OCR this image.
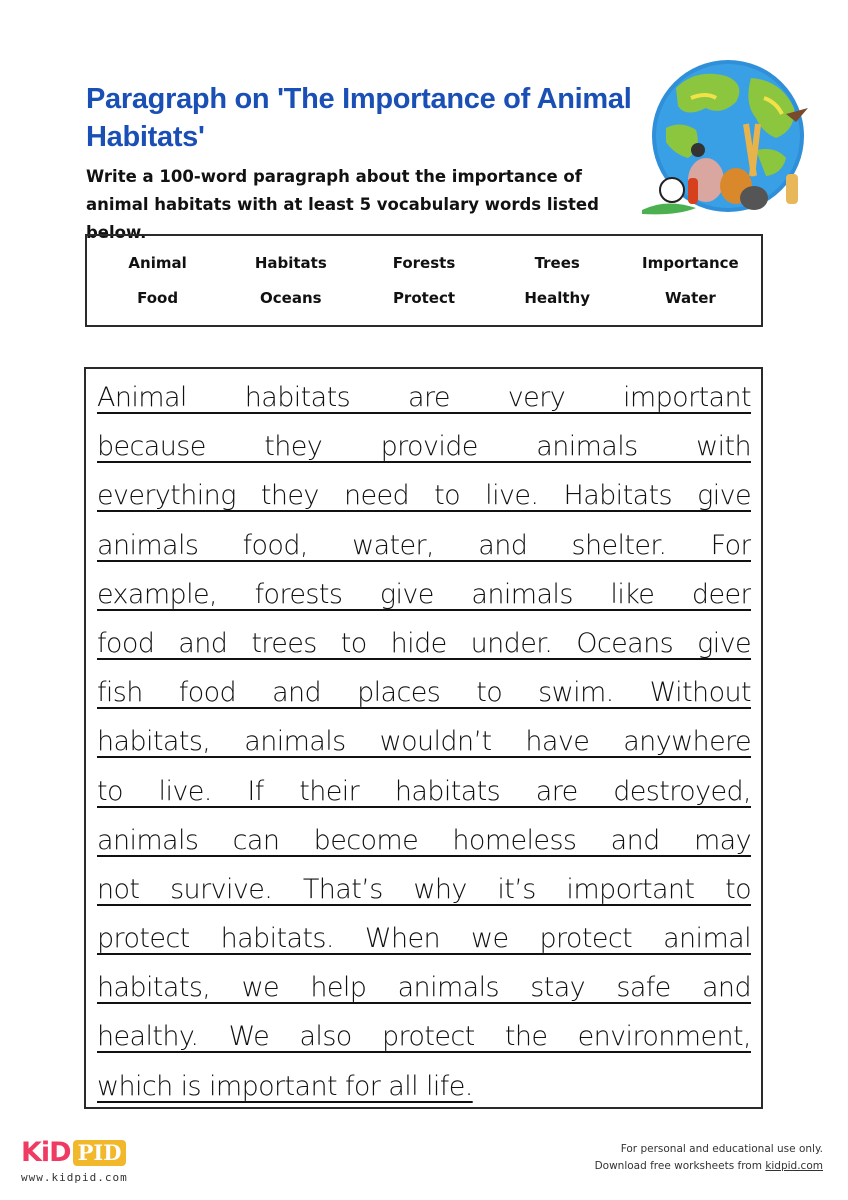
Paragraph on 'The Importance of Animal Habitats'

Write a 100-word paragraph about the importance of animal habitats with at least 5 vocabulary words listed below.

Animal	Habitats	Forests	Trees	Importance
Food	Oceans	Protect	Healthy	Water
Animal habitats are very important
because they provide animals with
everything they need to live. Habitats give
animals food, water, and shelter. For
example, forests give animals like deer
food and trees to hide under. Oceans give
fish food and places to swim. Without
habitats, animals wouldn’t have anywhere
to live. If their habitats are destroyed,
animals can become homeless and may
not survive. That’s why it’s important to
protect habitats. When we protect animal
habitats, we help animals stay safe and
healthy. We also protect the environment,
which is important for all life.
KiD PID
www.kidpid.com
For personal and educational use only.
Download free worksheets from kidpid.com
